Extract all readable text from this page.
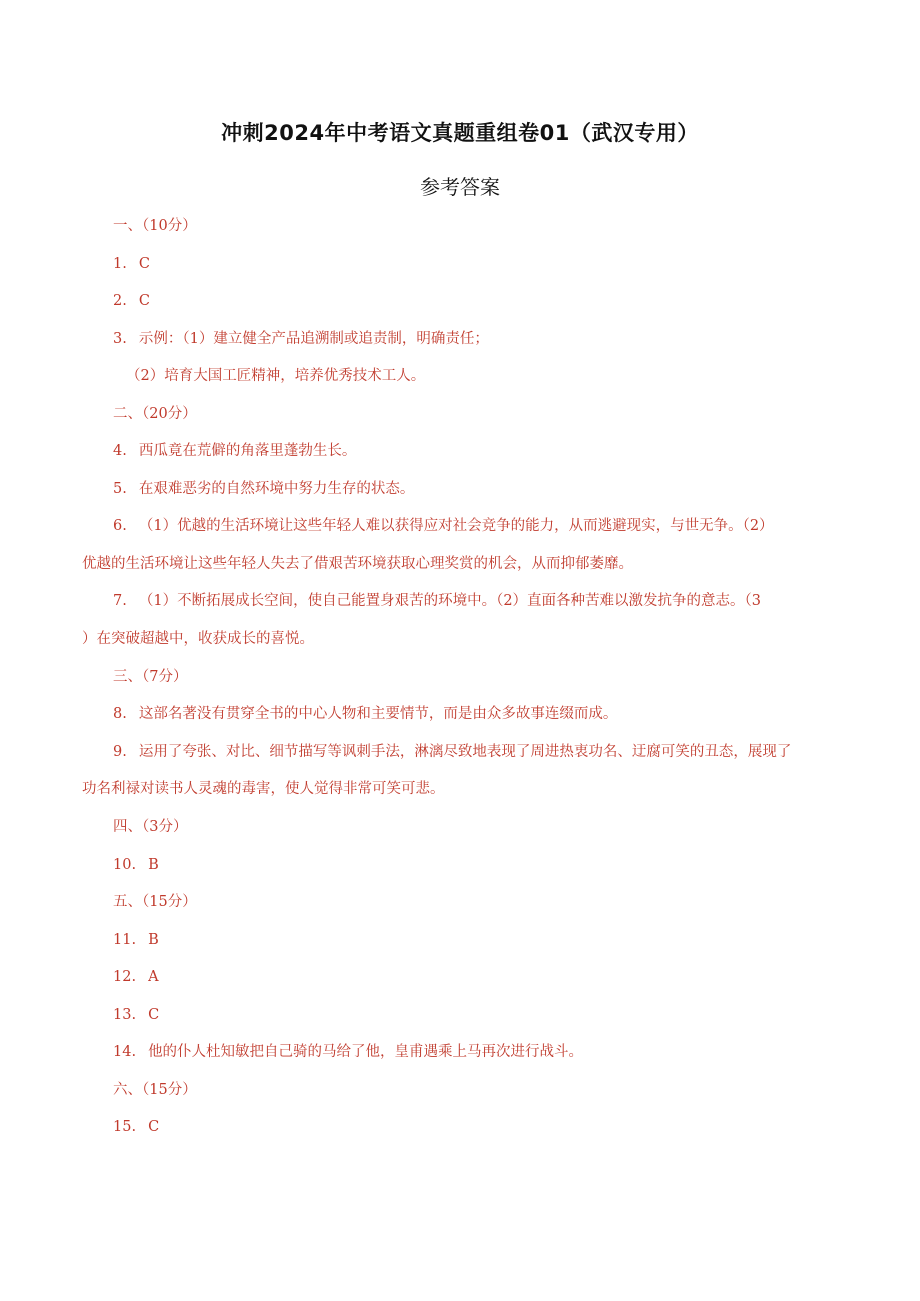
冲刺2024年中考语文真题重组卷01（武汉专用）
参考答案
一、（10分）
1. C
2. C
3. 示例：（1）建立健全产品追溯制或追责制，明确责任；
（2）培育大国工匠精神，培养优秀技术工人。
二、（20分）
4. 西瓜竟在荒僻的角落里蓬勃生长。
5. 在艰难恶劣的自然环境中努力生存的状态。
6. （1）优越的生活环境让这些年轻人难以获得应对社会竞争的能力，从而逃避现实，与世无争。（2）
优越的生活环境让这些年轻人失去了借艰苦环境获取心理奖赏的机会，从而抑郁萎靡。
7. （1）不断拓展成长空间，使自己能置身艰苦的环境中。（2）直面各种苦难以激发抗争的意志。（3
）在突破超越中，收获成长的喜悦。
三、（7分）
8. 这部名著没有贯穿全书的中心人物和主要情节，而是由众多故事连缀而成。
9. 运用了夸张、对比、细节描写等讽刺手法，淋漓尽致地表现了周进热衷功名、迂腐可笑的丑态，展现了
功名利禄对读书人灵魂的毒害，使人觉得非常可笑可悲。
四、（3分）
10. B
五、（15分）
11. B
12. A
13. C
14. 他的仆人杜知敏把自己骑的马给了他，皇甫遇乘上马再次进行战斗。
六、（15分）
15. C
